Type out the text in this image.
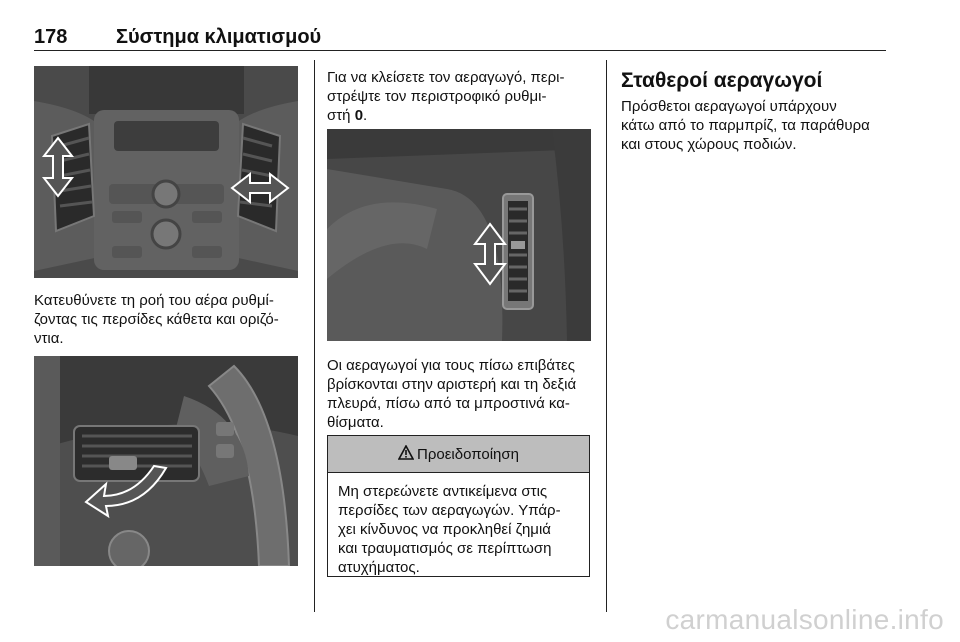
178 Σύστημα κλιματισμού

Κατευθύνετε τη ροή του αέρα ρυθμί-
ζοντας τις περσίδες κάθετα και οριζό-
ντια.

Για να κλείσετε τον αεραγωγό, περι-
στρέψτε τον περιστροφικό ρυθμι-
στή 0.

Οι αεραγωγοί για τους πίσω επιβάτες
βρίσκονται στην αριστερή και τη δεξιά
πλευρά, πίσω από τα μπροστινά κα-
θίσματα.

Προειδοποίηση

Μη στερεώνετε αντικείμενα στις
περσίδες των αεραγωγών. Υπάρ-
χει κίνδυνος να προκληθεί ζημιά
και τραυματισμός σε περίπτωση
ατυχήματος.

Σταθεροί αεραγωγοί

Πρόσθετοι αεραγωγοί υπάρχουν
κάτω από το παρμπρίζ, τα παράθυρα
και στους χώρους ποδιών.

carmanualsonline.info
